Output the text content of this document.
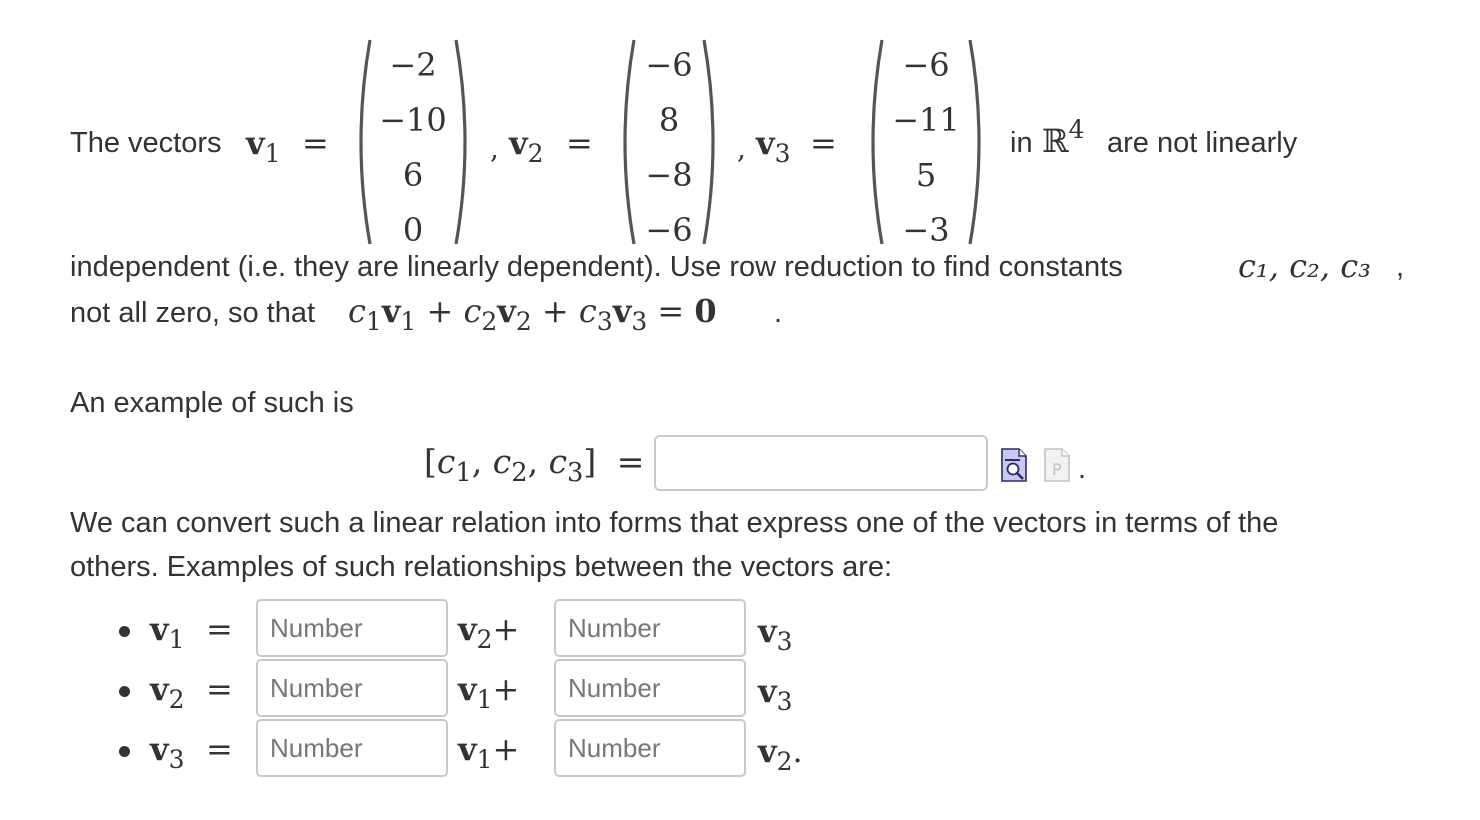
The vectors $v_1$ =
−2
−10
6
0
, $v_2$ =
−6
8
−8
−6
, $v_3$ =
−6
−11
5
−3
in ℝ$^4$ are not linearly
independent (i.e. they are linearly dependent). Use row reduction to find constants	c₁, c₂, c₃ ,
not all zero, so that $c_1v_1 + c_2v_2 + c_3v_3 = 0$ .
An example of such is
[$c_1$, $c_2$, $c_3$] =	P .
We can convert such a linear relation into forms that express one of the vectors in terms of the
others. Examples of such relationships between the vectors are:
$v_1$ =
Number	$v_2+$
Number	$v_3$
$v_2$ =
Number	$v_1+$
Number	$v_3$
$v_3$ =
Number	$v_1+$
Number	$v_2$.
